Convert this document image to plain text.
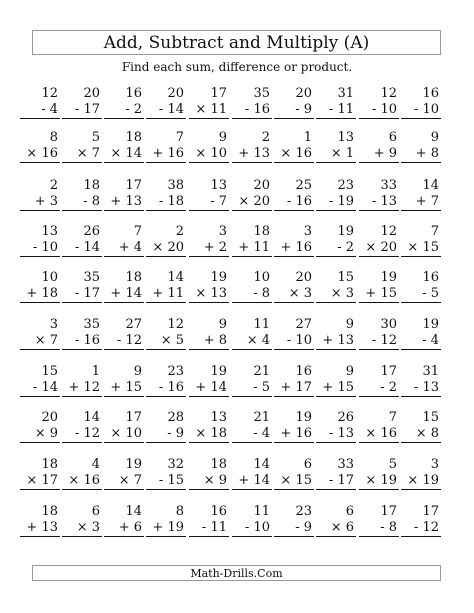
Add, Subtract and Multiply (A)
Find each sum, difference or product.
12
- 4
20
- 17
16
- 2
20
- 14
17
× 11
35
- 16
20
- 9
31
- 11
12
- 10
16
- 10
8
× 16
5
× 7
18
× 14
7
+ 16
9
× 10
2
+ 13
1
× 16
13
× 1
6
+ 9
9
+ 8
2
+ 3
18
- 8
17
+ 13
38
- 18
13
- 7
20
× 20
25
- 16
23
- 19
33
- 13
14
+ 7
13
- 10
26
- 14
7
+ 4
2
× 20
3
+ 2
18
+ 11
3
+ 16
19
- 2
12
× 20
7
× 15
10
+ 18
35
- 17
18
+ 14
14
+ 11
19
× 13
10
- 8
20
× 3
15
× 3
19
+ 15
16
- 5
3
× 7
35
- 16
27
- 12
12
× 5
9
+ 8
11
× 4
27
- 10
9
+ 13
30
- 12
19
- 4
15
- 14
1
+ 12
9
+ 15
23
- 16
19
+ 14
21
- 5
16
+ 17
9
+ 15
17
- 2
31
- 13
20
× 9
14
- 12
17
× 10
28
- 9
13
× 18
21
- 4
19
+ 16
26
- 13
7
× 16
15
× 8
18
× 17
4
× 16
19
× 7
32
- 15
18
× 9
14
+ 14
6
× 15
33
- 17
5
× 19
3
× 19
18
+ 13
6
× 3
14
+ 6
8
+ 19
16
- 11
11
- 10
23
- 9
6
× 6
17
- 8
17
- 12
Math-Drills.Com
